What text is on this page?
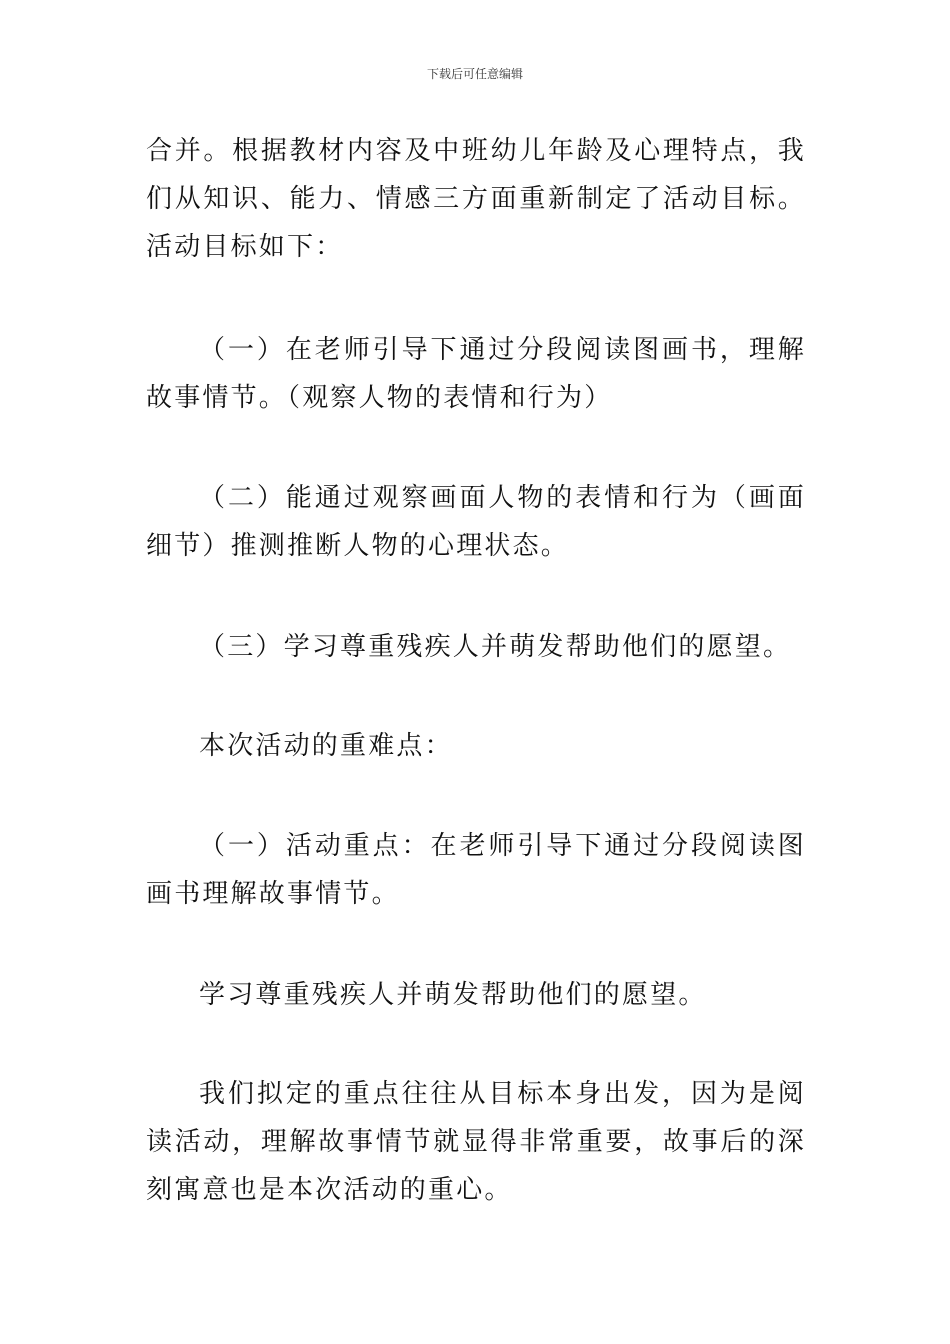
下载后可任意编辑

合并。根据教材内容及中班幼儿年龄及心理特点，我们从知识、能力、情感三方面重新制定了活动目标。活动目标如下：

（一）在老师引导下通过分段阅读图画书，理解故事情节。（观察人物的表情和行为）

（二）能通过观察画面人物的表情和行为（画面细节）推测推断人物的心理状态。

（三）学习尊重残疾人并萌发帮助他们的愿望。

本次活动的重难点：

（一）活动重点：在老师引导下通过分段阅读图画书理解故事情节。

学习尊重残疾人并萌发帮助他们的愿望。

我们拟定的重点往往从目标本身出发，因为是阅读活动，理解故事情节就显得非常重要，故事后的深刻寓意也是本次活动的重心。
